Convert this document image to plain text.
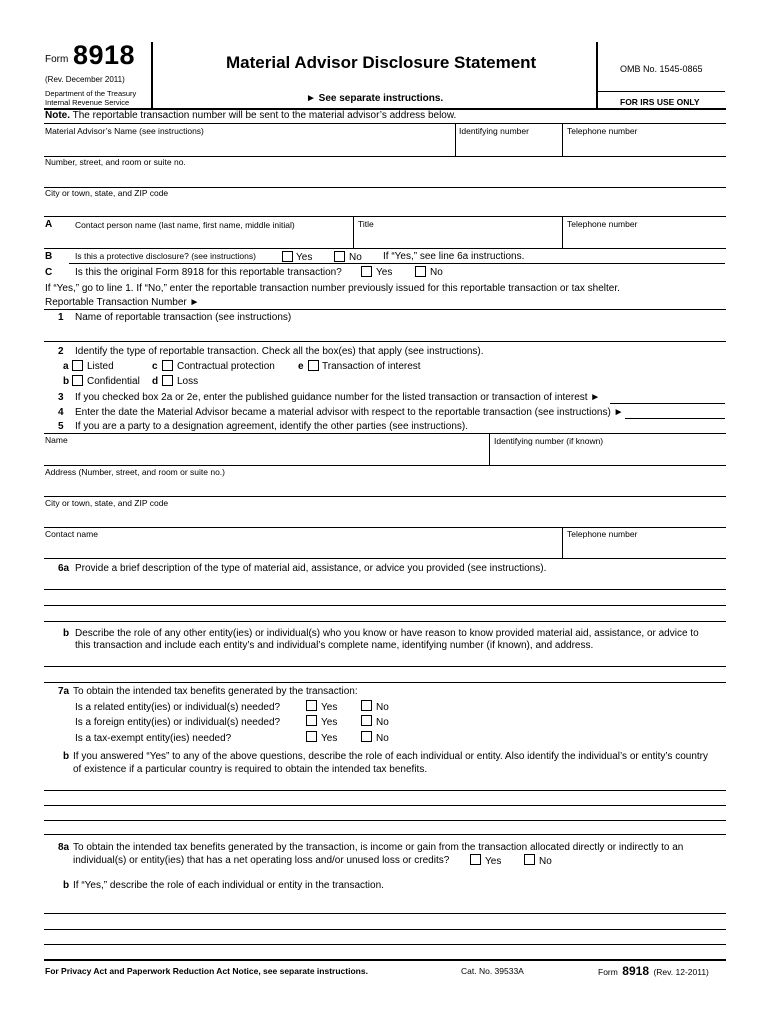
Form 8918
(Rev. December 2011)
Department of the Treasury
Internal Revenue Service
Material Advisor Disclosure Statement
► See separate instructions.
OMB No. 1545-0865
FOR IRS USE ONLY
Note. The reportable transaction number will be sent to the material advisor’s address below.
Material Advisor’s Name (see instructions)	Identifying number	Telephone number
Number, street, and room or suite no.
City or town, state, and ZIP code
A	Contact person name (last name, first name, middle initial)	Title	Telephone number
B	Is this a protective disclosure? (see instructions)	Yes	No If “Yes,” see line 6a instructions.
C Is this the original Form 8918 for this reportable transaction?	Yes	No
If “Yes,” go to line 1. If “No,” enter the reportable transaction number previously issued for this reportable transaction or tax shelter.
Reportable Transaction Number ►
1 Name of reportable transaction (see instructions)
2 Identify the type of reportable transaction. Check all the box(es) that apply (see instructions).
a Listed	c Contractual protection e Transaction of interest
b Confidential d Loss
3 If you checked box 2a or 2e, enter the published guidance number for the listed transaction or transaction of interest ►
4 Enter the date the Material Advisor became a material advisor with respect to the reportable transaction (see instructions) ►
5 If you are a party to a designation agreement, identify the other parties (see instructions).
Name	Identifying number (if known)
Address (Number, street, and room or suite no.)
City or town, state, and ZIP code
Contact name	Telephone number
6a Provide a brief description of the type of material aid, assistance, or advice you provided (see instructions).
b Describe the role of any other entity(ies) or individual(s) who you know or have reason to know provided material aid, assistance, or advice to
this transaction and include each entity’s and individual’s complete name, identifying number (if known), and address.
7a To obtain the intended tax benefits generated by the transaction:
Is a related entity(ies) or individual(s) needed?	Yes	No
Is a foreign entity(ies) or individual(s) needed?	Yes	No
Is a tax-exempt entity(ies) needed?	Yes	No
b If you answered “Yes” to any of the above questions, describe the role of each individual or entity. Also identify the individual’s or entity’s country
of existence if a particular country is required to obtain the intended tax benefits.
8a To obtain the intended tax benefits generated by the transaction, is income or gain from the transaction allocated directly or indirectly to an
individual(s) or entity(ies) that has a net operating loss and/or unused loss or credits?	Yes	No
b If “Yes,” describe the role of each individual or entity in the transaction.
For Privacy Act and Paperwork Reduction Act Notice, see separate instructions.	Cat. No. 39533A	Form 8918 (Rev. 12-2011)
